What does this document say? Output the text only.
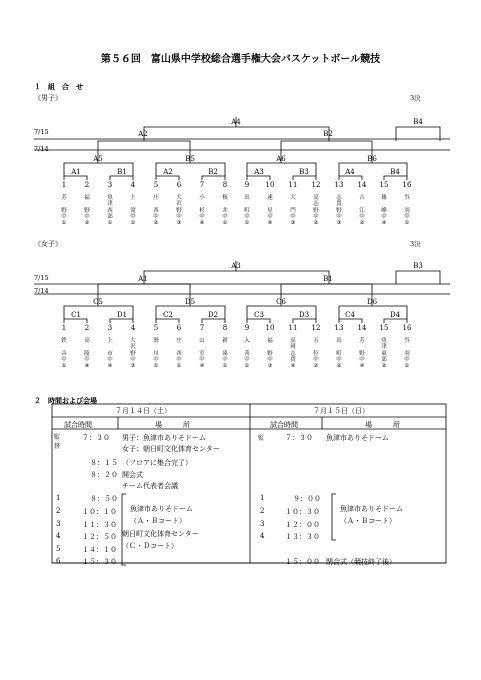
第５６回　富山県中学校総合選手権大会バスケットボール競技
１　組　合　せ
《男子》	3決
7/15
7/14
A4
A2	B2
B4
A5	B5	A6	B6
A1	B1	A2	B2	A3	B3	A4	B4
1
芳

野
中
①
2
福

野
中
②
3
魚
津
西
部
①
4
上

滝
中
①
5
庄

西
中
②
6
大
沢
野
中
③
7
小

杉
中
④
8
桜

井
中
①
9
出

町
中
①
10
速

星
中
④
11
大

門
中
③
12
高
志
野
中
②
13
志
貴
野
中
③
14
吉

江
中
②
15
雄

峰
中
④
16
呉

羽
中
①
《女子》	3決
7/15
7/14
A3
A1	B1
B3
C5	D5	C6	D6
C1	D1	C2	D2	C3	D3	C4	D4
1
鉄

音
中
①
2
高

陵
中
④
3
上

市
中
④
4
大
沢
野
中
③
5
滑

川
中
①
6
庄

西
中
①
7
山

室
中
④
8
新

湊
中
①
9
入

善
中
①
10
福

野
中
③
11
高
岡
志
貴
④
12
五

位
中
②
13
出

町
中
②
14
芳

野
中
④
15
魚
津
東
部
②
16
呉

羽
中
①
２　時間および会場
７月１４日（土）	７月１５日（日）
試合時間	場　　　所	試合時間	場　　　所
監
督
７：３０ 男子：魚津市ありそドーム
女子：朝日町文化体育センター
８：１５ （フロアに集合完了）
８：２０ 開会式
チーム代表者会議
1	８：５０
2	１０：１０ 魚津市ありそドーム
（Ａ・Ｂコート）
3	１１：３０
4	１２：５０ 朝日町文化体育センター
（Ｃ・Ｄコート）
5	１４：１０
6	１５：３０
監	７：３０ 魚津市ありそドーム
1	９：００
2	１０：３０	魚津市ありそドーム
（Ａ・Ｂコート）
3	１２：００
4	１３：３０
１５：００ 閉会式（競技終了後）
